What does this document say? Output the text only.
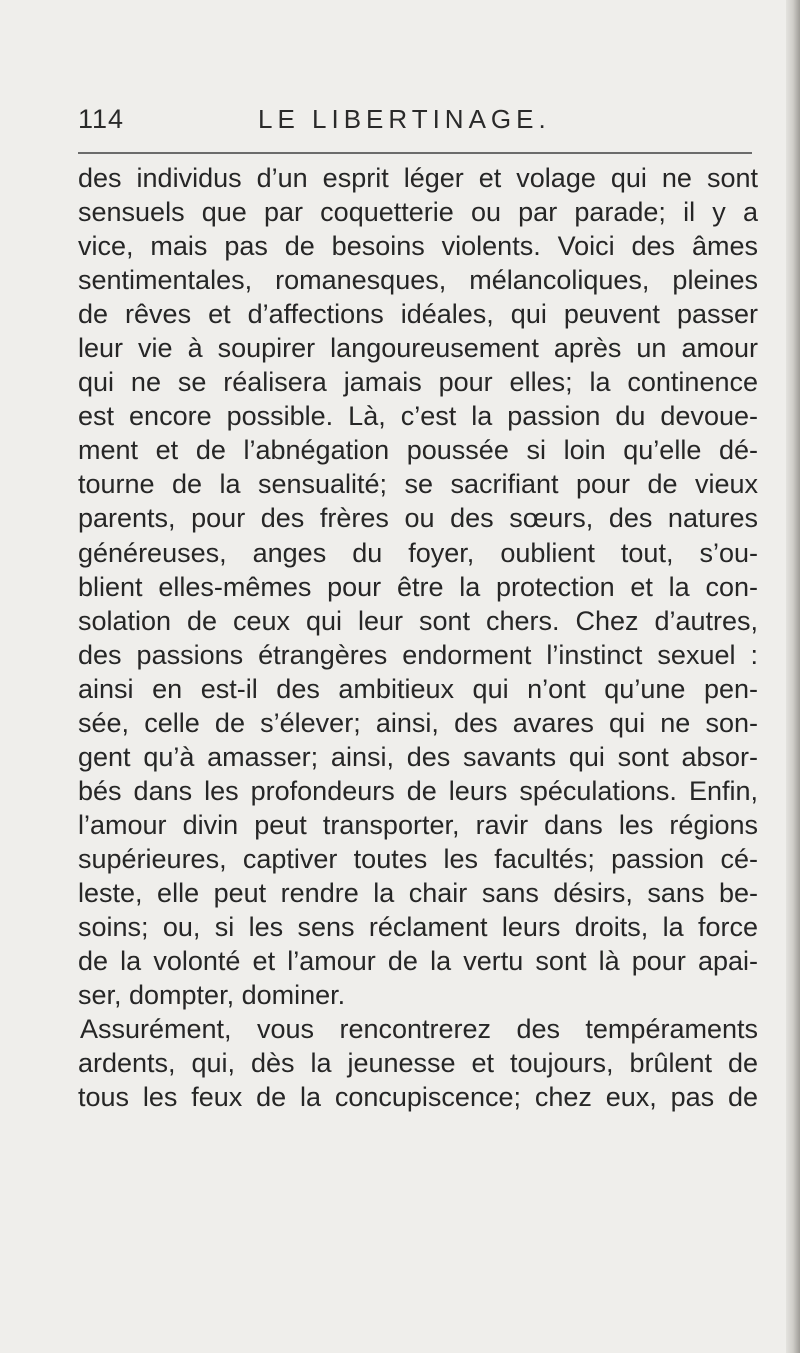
114	LE LIBERTINAGE.
des individus d’un esprit léger et volage qui ne sont
sensuels que par coquetterie ou par parade; il y a
vice, mais pas de besoins violents. Voici des âmes
sentimentales, romanesques, mélancoliques, pleines
de rêves et d’affections idéales, qui peuvent passer
leur vie à soupirer langoureusement après un amour
qui ne se réalisera jamais pour elles; la continence
est encore possible. Là, c’est la passion du devoue-
ment et de l’abnégation poussée si loin qu’elle dé-
tourne de la sensualité; se sacrifiant pour de vieux
parents, pour des frères ou des sœurs, des natures
généreuses, anges du foyer, oublient tout, s’ou-
blient elles-mêmes pour être la protection et la con-
solation de ceux qui leur sont chers. Chez d’autres,
des passions étrangères endorment l’instinct sexuel :
ainsi en est-il des ambitieux qui n’ont qu’une pen-
sée, celle de s’élever; ainsi, des avares qui ne son-
gent qu’à amasser; ainsi, des savants qui sont absor-
bés dans les profondeurs de leurs spéculations. Enfin,
l’amour divin peut transporter, ravir dans les régions
supérieures, captiver toutes les facultés; passion cé-
leste, elle peut rendre la chair sans désirs, sans be-
soins; ou, si les sens réclament leurs droits, la force
de la volonté et l’amour de la vertu sont là pour apai-
ser, dompter, dominer.
Assurément, vous rencontrerez des tempéraments
ardents, qui, dès la jeunesse et toujours, brûlent de
tous les feux de la concupiscence; chez eux, pas de
